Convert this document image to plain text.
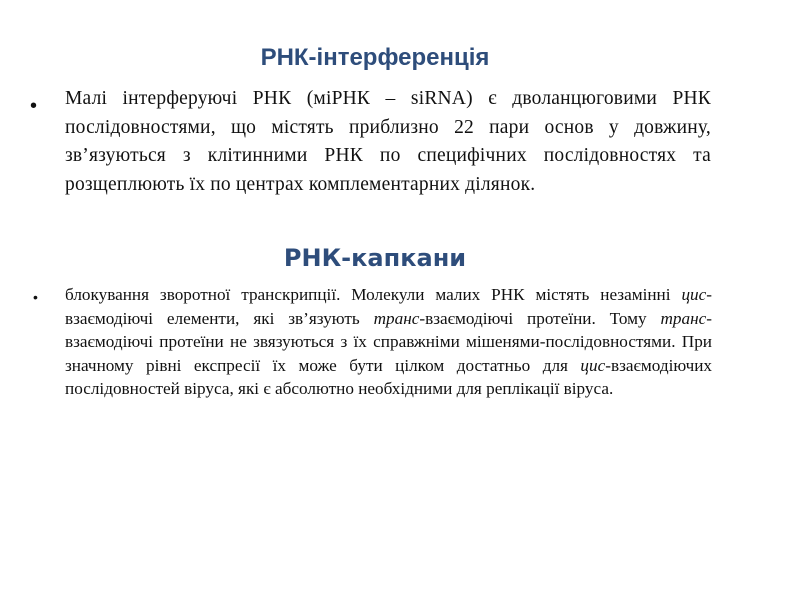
РНК-інтерференція
• Малі інтерферуючі РНК (міРНК – siRNA) є дволанцюговими РНК послідовностями, що містять приблизно 22 пари основ у довжину, зв’язуються з клітинними РНК по специфічних послідовностях та розщеплюють їх по центрах комплементарних ділянок.
РНК-капкани
• блокування зворотної транскрипції. Молекули малих РНК містять незамінні цис-взаємодіючі елементи, які зв’язують транс-взаємодіючі протеїни. Тому транс-взаємодіючі протеїни не звязуються з їх справжніми мішенями-послідовностями. При значному рівні експресії їх може бути цілком достатньо для цис-взаємодіючих послідовностей віруса, які є абсолютно необхідними для реплікації віруса.
